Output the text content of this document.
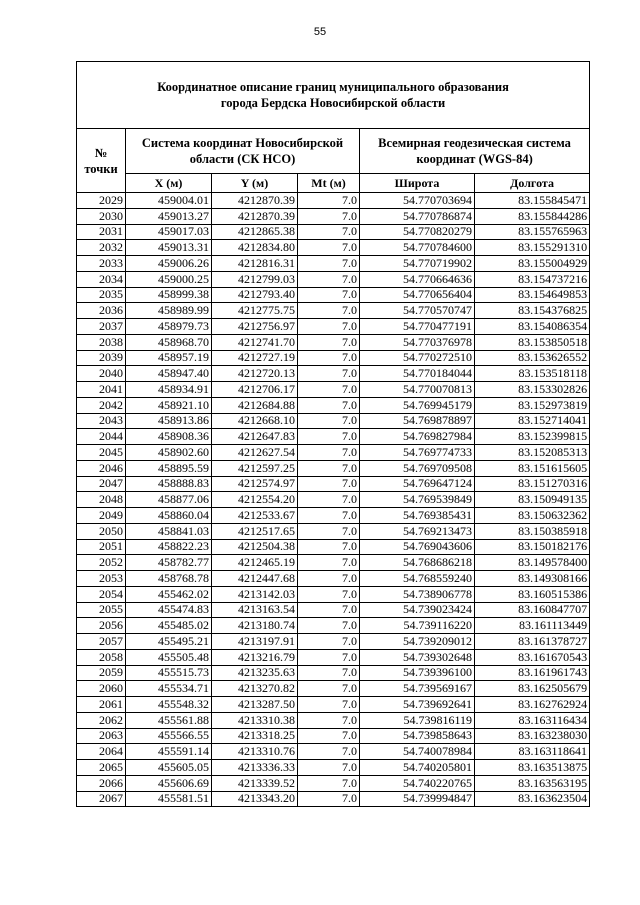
55
Координатное описание границ муниципального образования
города Бердска Новосибирской области					

№
точки	Система координат Новосибирской
области (СК НСО)			Всемирная геодезическая система
координат (WGS-84)	

	X (м)	Y (м)	Mt (м)	Широта	Долгота
2029	459004.01	4212870.39	7.0	54.770703694	83.155845471
2030	459013.27	4212870.39	7.0	54.770786874	83.155844286
2031	459017.03	4212865.38	7.0	54.770820279	83.155765963
2032	459013.31	4212834.80	7.0	54.770784600	83.155291310
2033	459006.26	4212816.31	7.0	54.770719902	83.155004929
2034	459000.25	4212799.03	7.0	54.770664636	83.154737216
2035	458999.38	4212793.40	7.0	54.770656404	83.154649853
2036	458989.99	4212775.75	7.0	54.770570747	83.154376825
2037	458979.73	4212756.97	7.0	54.770477191	83.154086354
2038	458968.70	4212741.70	7.0	54.770376978	83.153850518
2039	458957.19	4212727.19	7.0	54.770272510	83.153626552
2040	458947.40	4212720.13	7.0	54.770184044	83.153518118
2041	458934.91	4212706.17	7.0	54.770070813	83.153302826
2042	458921.10	4212684.88	7.0	54.769945179	83.152973819
2043	458913.86	4212668.10	7.0	54.769878897	83.152714041
2044	458908.36	4212647.83	7.0	54.769827984	83.152399815
2045	458902.60	4212627.54	7.0	54.769774733	83.152085313
2046	458895.59	4212597.25	7.0	54.769709508	83.151615605
2047	458888.83	4212574.97	7.0	54.769647124	83.151270316
2048	458877.06	4212554.20	7.0	54.769539849	83.150949135
2049	458860.04	4212533.67	7.0	54.769385431	83.150632362
2050	458841.03	4212517.65	7.0	54.769213473	83.150385918
2051	458822.23	4212504.38	7.0	54.769043606	83.150182176
2052	458782.77	4212465.19	7.0	54.768686218	83.149578400
2053	458768.78	4212447.68	7.0	54.768559240	83.149308166
2054	455462.02	4213142.03	7.0	54.738906778	83.160515386
2055	455474.83	4213163.54	7.0	54.739023424	83.160847707
2056	455485.02	4213180.74	7.0	54.739116220	83.161113449
2057	455495.21	4213197.91	7.0	54.739209012	83.161378727
2058	455505.48	4213216.79	7.0	54.739302648	83.161670543
2059	455515.73	4213235.63	7.0	54.739396100	83.161961743
2060	455534.71	4213270.82	7.0	54.739569167	83.162505679
2061	455548.32	4213287.50	7.0	54.739692641	83.162762924
2062	455561.88	4213310.38	7.0	54.739816119	83.163116434
2063	455566.55	4213318.25	7.0	54.739858643	83.163238030
2064	455591.14	4213310.76	7.0	54.740078984	83.163118641
2065	455605.05	4213336.33	7.0	54.740205801	83.163513875
2066	455606.69	4213339.52	7.0	54.740220765	83.163563195
2067	455581.51	4213343.20	7.0	54.739994847	83.163623504
